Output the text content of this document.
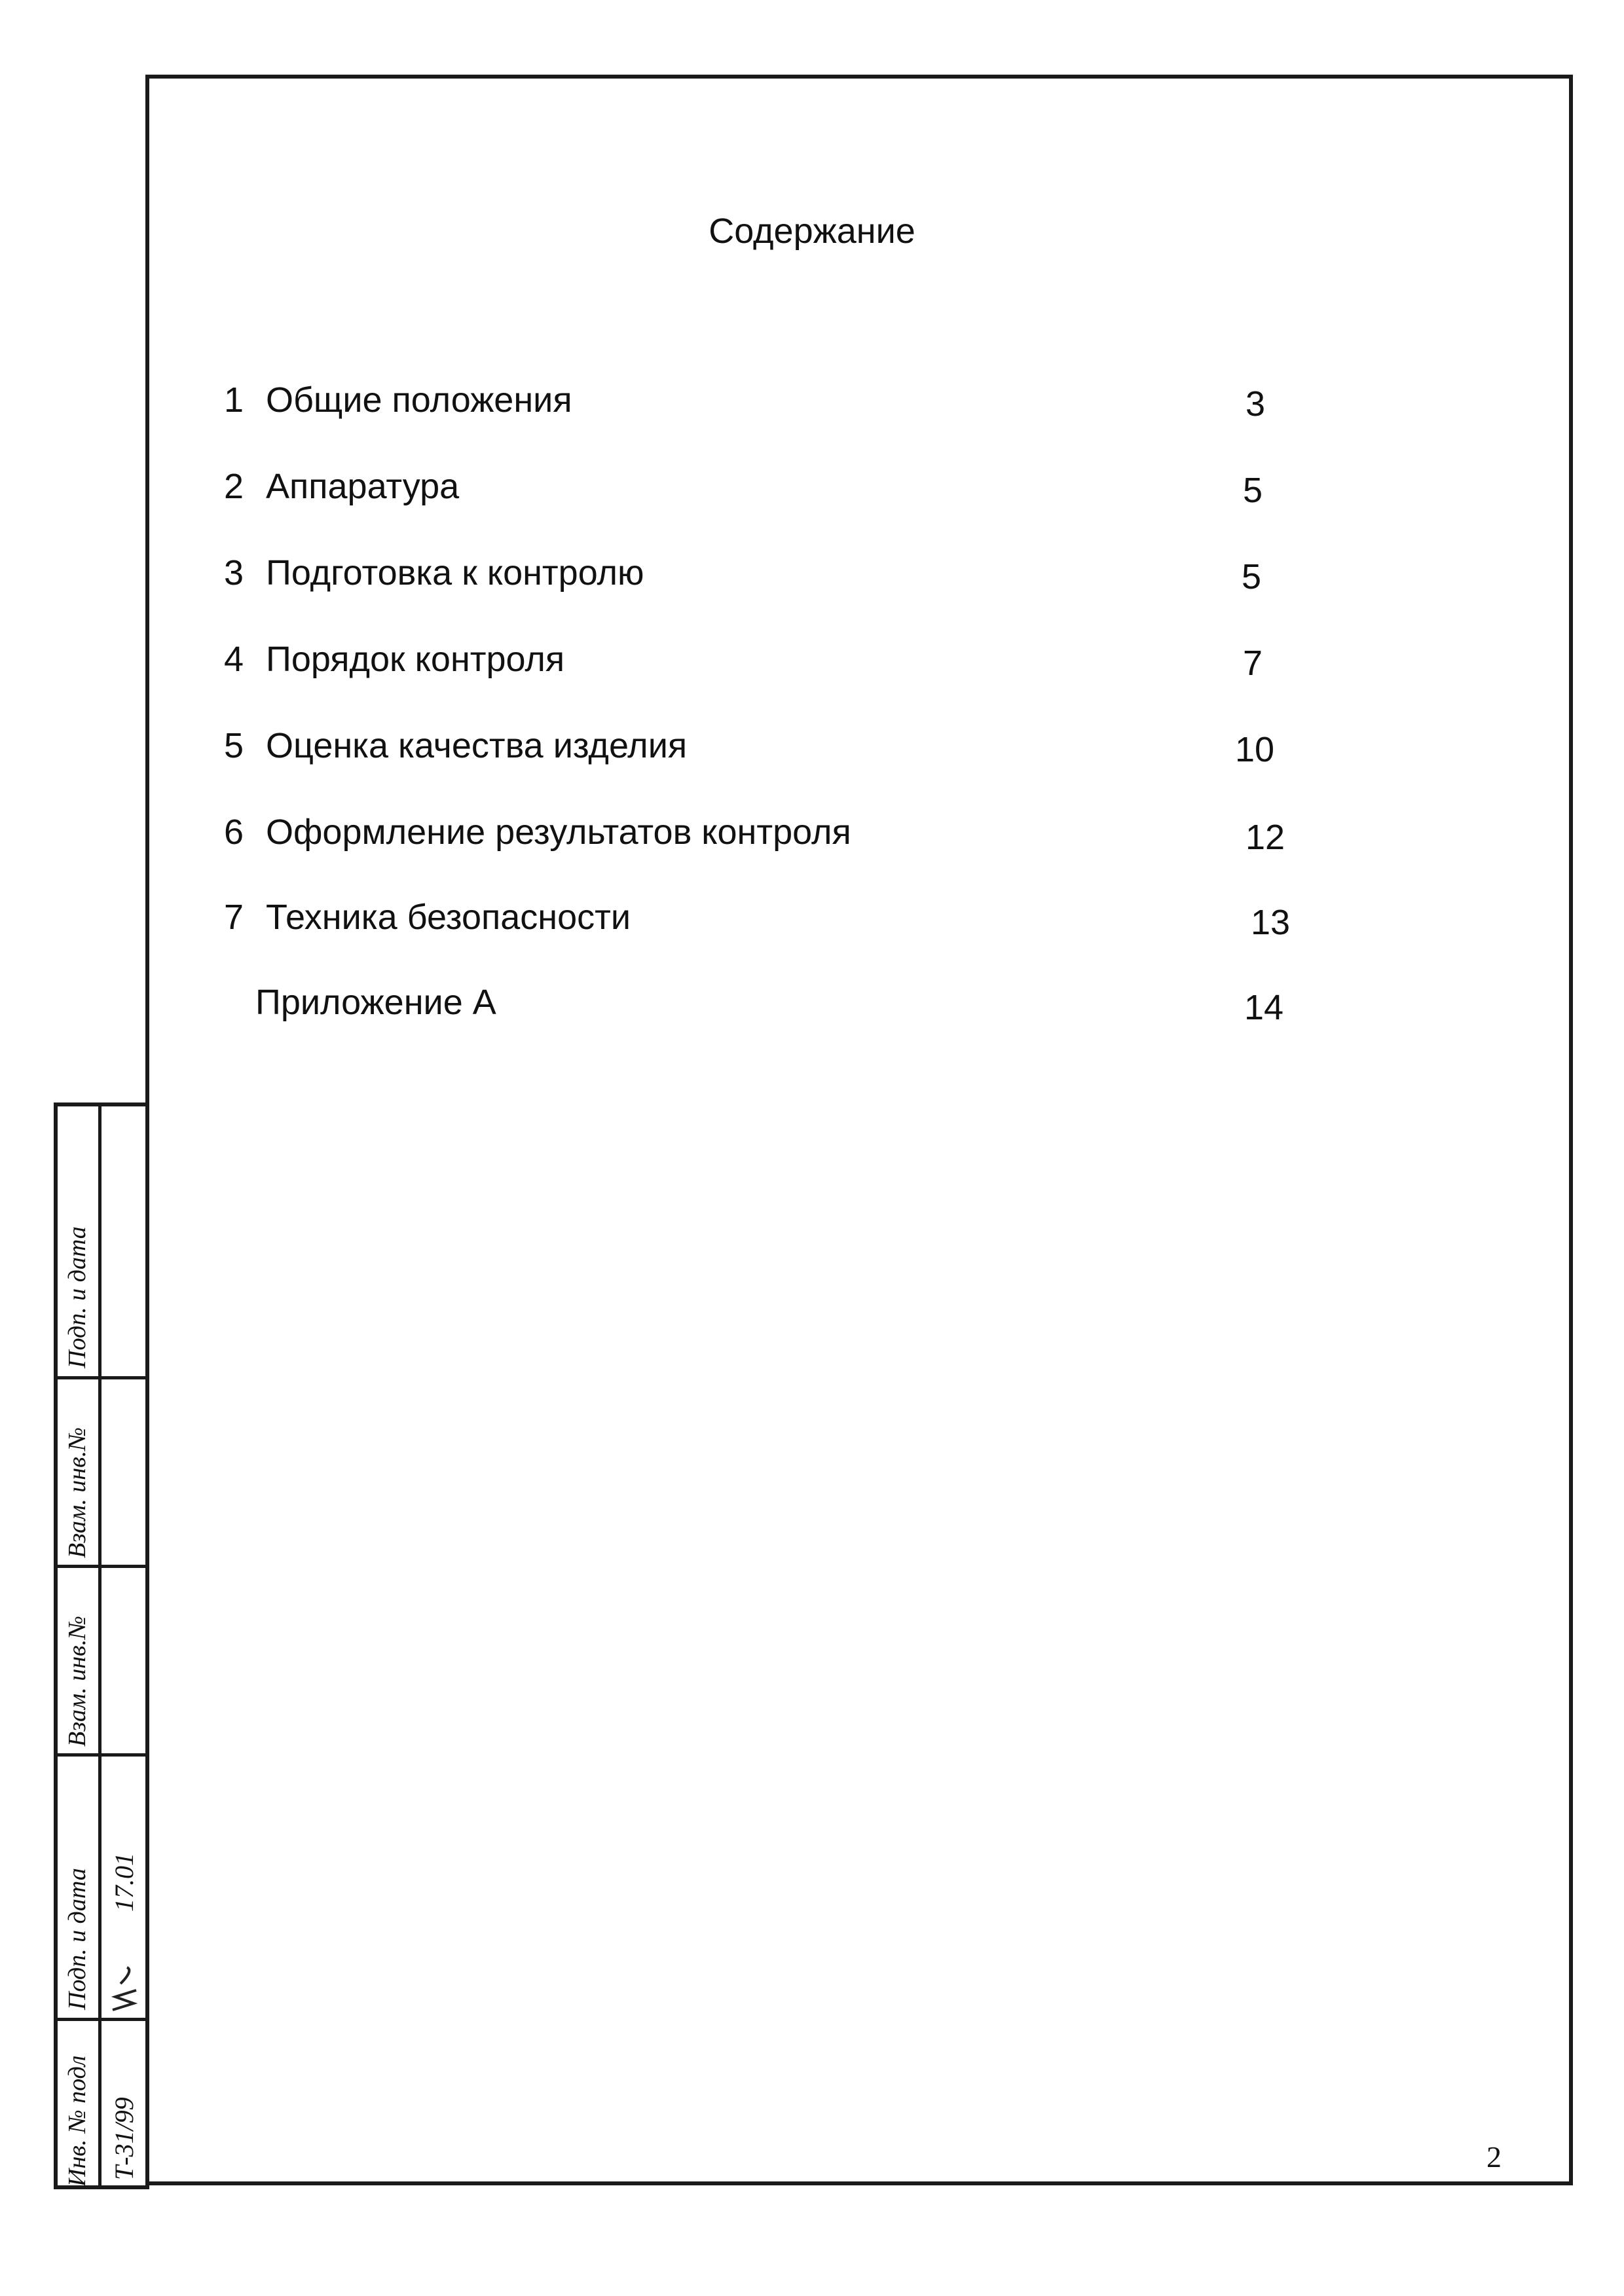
Содержание
1 Общие положения	3
2 Аппаратура	5
3 Подготовка к контролю	5
4 Порядок контроля	7
5 Оценка качества изделия	10
6 Оформление результатов контроля	12
7 Техника безопасности	13
Приложение А	14
Подп. и дата
Взам. инв.№
Взам. инв.№
Подп. и дата
Инв. № подл Т-31/99
17.01
2
